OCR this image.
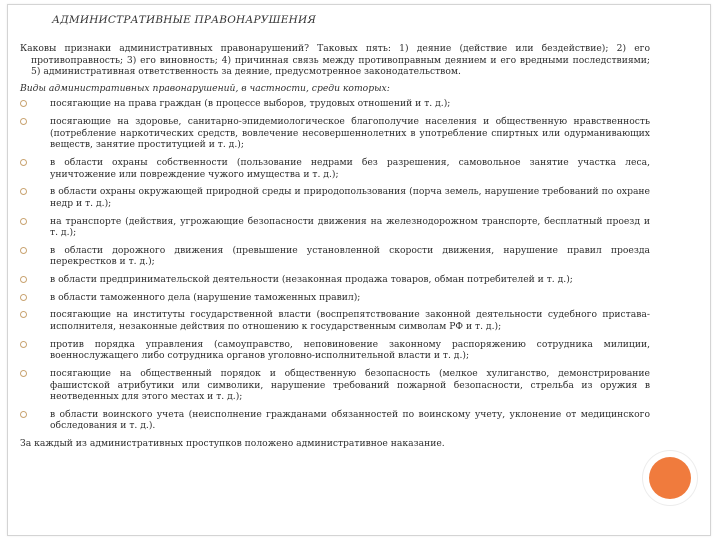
АДМИНИСТРАТИВНЫЕ ПРАВОНАРУШЕНИЯ

Каковы признаки административных правонарушений? Таковых пять: 1) деяние (действие или бездействие); 2) его противоправность; 3) его виновность; 4) причинная связь между противоправным деянием и его вредными последствиями; 5) административная ответственность за деяние, предусмотренное законодательством.

Виды административных правонарушений, в частности, среди которых:

посягающие на права граждан (в процессе выборов, трудовых отношений и т. д.);
посягающие на здоровье, санитарно-эпидемиологическое благополучие населения и общественную нравственность (потребление наркотических средств, вовлечение несовершеннолетних в употребление спиртных или одурманивающих веществ, занятие проституцией и т. д.);
в области охраны собственности (пользование недрами без разрешения, самовольное занятие участка леса, уничтожение или повреждение чужого имущества и т. д.);
в области охраны окружающей природной среды и природопользования (порча земель, нарушение требований по охране недр и т. д.);
на транспорте (действия, угрожающие безопасности движения на железнодорожном транспорте, бесплатный проезд и т. д.);
в области дорожного движения (превышение установленной скорости движения, нарушение правил проезда перекрестков и т. д.);
в области предпринимательской деятельности (незаконная продажа товаров, обман потребителей и т. д.);
в области таможенного дела (нарушение таможенных правил);
посягающие на институты государственной власти (воспрепятствование законной деятельности судебного пристава-исполнителя, незаконные действия по отношению к государственным символам РФ и т. д.);
против порядка управления (самоуправство, неповиновение законному распоряжению сотрудника милиции, военнослужащего либо сотрудника органов уголовно-исполнительной власти и т. д.);
посягающие на общественный порядок и общественную безопасность (мелкое хулиганство, демонстрирование фашистской атрибутики или символики, нарушение требований пожарной безопасности, стрельба из оружия в неотведенных для этого местах и т. д.);
в области воинского учета (неисполнение гражданами обязанностей по воинскому учету, уклонение от медицинского обследования и т. д.).

За каждый из административных проступков положено административное наказание.
